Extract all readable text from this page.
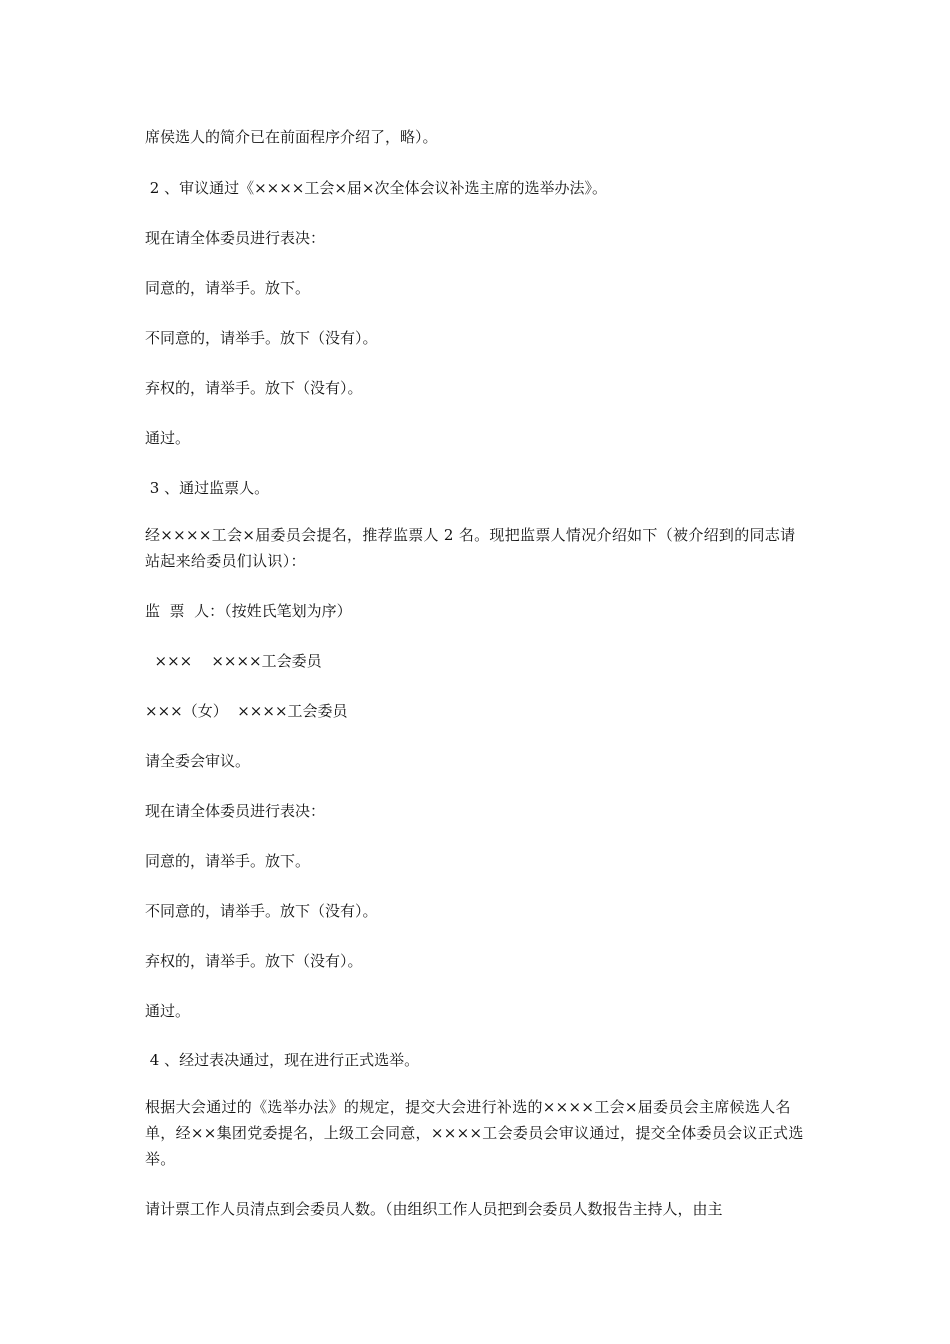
席侯选人的简介已在前面程序介绍了，略）。

2 、审议通过《××××工会×届×次全体会议补选主席的选举办法》。

现在请全体委员进行表决：

同意的，请举手。放下。

不同意的，请举手。放下（没有）。

弃权的，请举手。放下（没有）。

通过。

3 、通过监票人。

经××××工会×届委员会提名，推荐监票人 2 名。现把监票人情况介绍如下（被介绍到的同志请站起来给委员们认识）：

监  票  人：（按姓氏笔划为序）

×××    ××××工会委员

×××（女）  ××××工会委员

请全委会审议。

现在请全体委员进行表决：

同意的，请举手。放下。

不同意的，请举手。放下（没有）。

弃权的，请举手。放下（没有）。

通过。

4 、经过表决通过，现在进行正式选举。

根据大会通过的《选举办法》的规定，提交大会进行补选的××××工会×届委员会主席候选人名单，经××集团党委提名，上级工会同意，××××工会委员会审议通过，提交全体委员会议正式选举。

请计票工作人员清点到会委员人数。（由组织工作人员把到会委员人数报告主持人，由主
